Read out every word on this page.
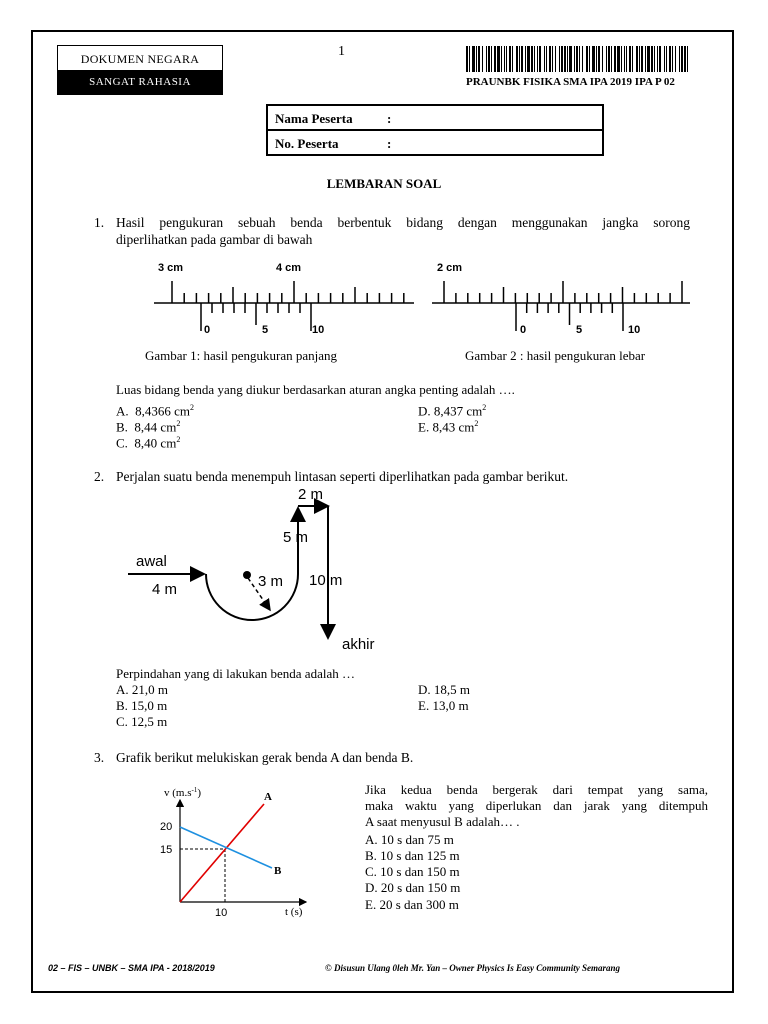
DOKUMEN NEGARA
SANGAT RAHASIA
1
PRAUNBK FISIKA SMA IPA 2019 IPA P 02
Nama Peserta	:
No. Peserta	:
LEMBARAN SOAL
1. Hasil pengukuran sebuah benda berbentuk bidang dengan menggunakan jangka sorong
diperlihatkan pada gambar di bawah
3 cm	4 cm
0	5	10
2 cm
0	5	10
Gambar 1: hasil pengukuran panjang	Gambar 2 : hasil pengukuran lebar
Luas bidang benda yang diukur berdasarkan aturan angka penting adalah ….
A. 8,4366 $cm^2$
B. 8,44 $cm^2$
C. 8,40 $cm^2$
D. 8,437 $cm^2$
E. 8,43 $cm^2$
2. Perjalan suatu benda menempuh lintasan seperti diperlihatkan pada gambar berikut.
awal
4 m	3 m
5 m
2 m
10 m
akhir
Perpindahan yang di lakukan benda adalah …
A. 21,0 m
B. 15,0 m
C. 12,5 m
D. 18,5 m
E. 13,0 m
3. Grafik berikut melukiskan gerak benda A dan benda B.
v $(m.s^{-1})$
t (s)
20
15
10
A
B
Jika kedua benda bergerak dari tempat yang sama,
maka waktu yang diperlukan dan jarak yang ditempuh
A saat menyusul B adalah… .
A. 10 s dan 75 m
B. 10 s dan 125 m
C. 10 s dan 150 m
D. 20 s dan 150 m
E. 20 s dan 300 m
02 – FIS – UNBK – SMA IPA - 2018/2019	© Disusun Ulang 0leh Mr. Yan – Owner Physics Is Easy Community Semarang
